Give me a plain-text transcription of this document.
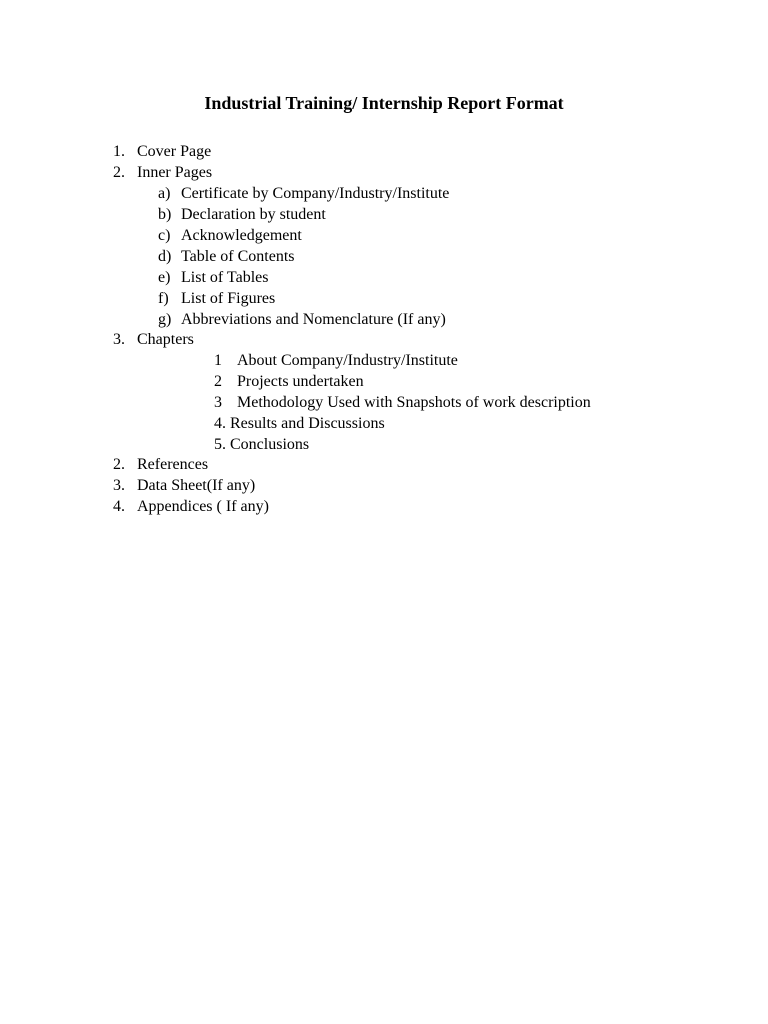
Industrial Training/ Internship Report Format
1. Cover Page
2. Inner Pages
a) Certificate by Company/Industry/Institute
b) Declaration by student
c) Acknowledgement
d) Table of Contents
e) List of Tables
f) List of Figures
g) Abbreviations and Nomenclature (If any)
3. Chapters
1 About Company/Industry/Institute
2 Projects undertaken
3 Methodology Used with Snapshots of work description
4. Results and Discussions
5. Conclusions
2. References
3. Data Sheet(If any)
4. Appendices ( If any)
